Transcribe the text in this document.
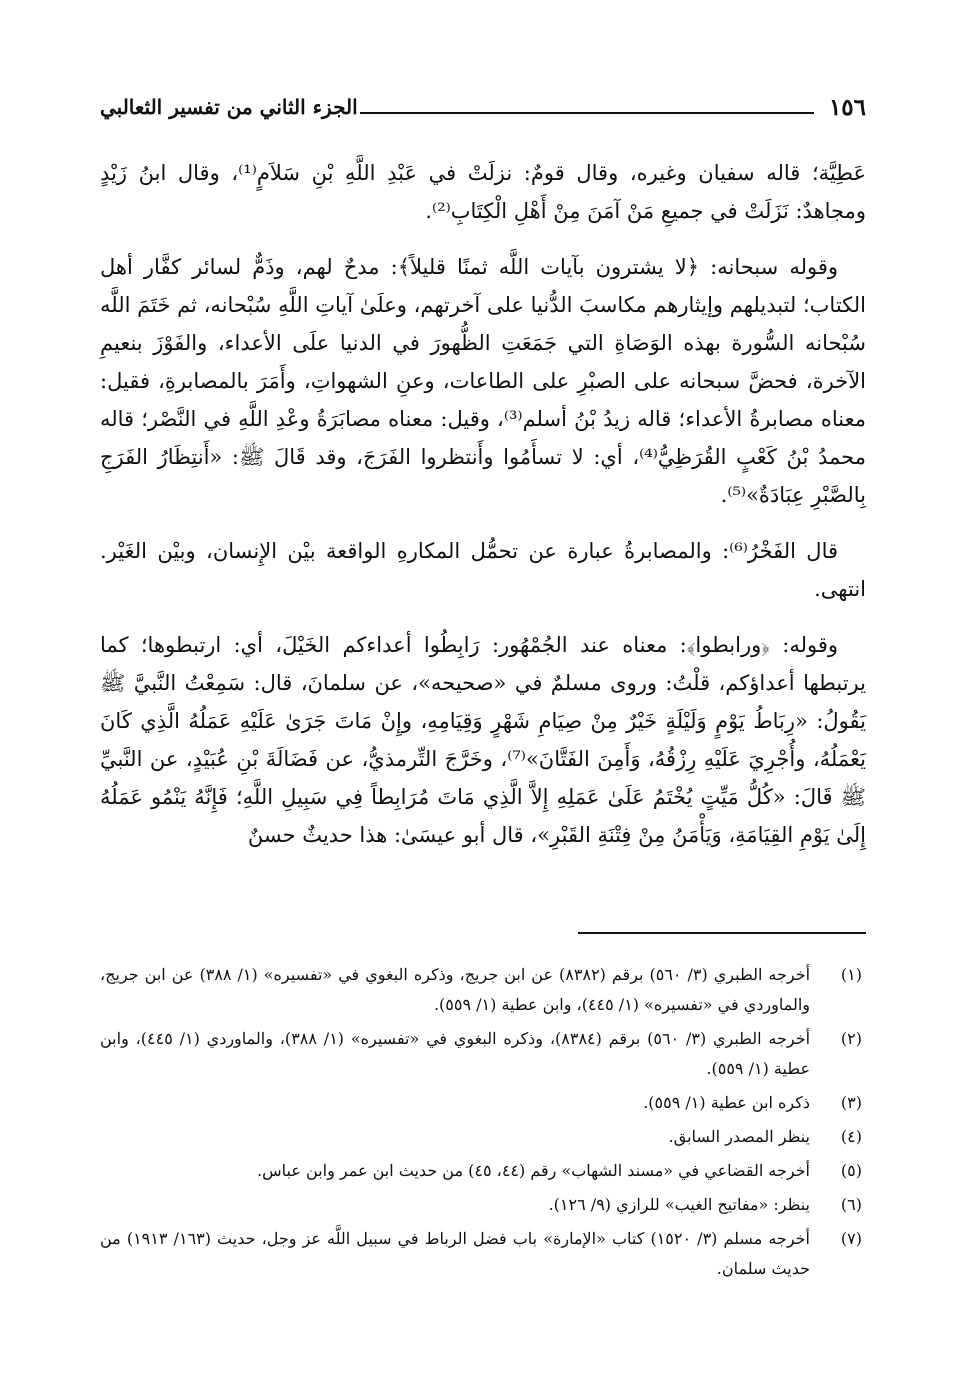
١٥٦
الجزء الثاني من تفسير الثعالبي

عَطِيَّة؛ قاله سفيان وغيره، وقال قومٌ: نزلَتْ في عَبْدِ اللَّهِ بْنِ سَلاَمٍ⁽¹⁾، وقال ابنُ زَيْدٍ ومجاهدٌ: نَزَلَتْ في جميعِ مَنْ آمَنَ مِنْ أَهْلِ الْكِتَابِ⁽²⁾.

وقوله سبحانه: ﴿لا يشترون بآيات اللَّه ثمنًا قليلاً﴾: مدحٌ لهم، وذَمٌّ لسائر كفَّار أهل الكتاب؛ لتبديلهم وإيثارهم مكاسبَ الدُّنيا على آخرتهم، وعلَىٰ آياتِ اللَّهِ سُبْحانه، ثم خَتَمَ اللَّه سُبْحانه السُّورة بهذه الوَصَاةِ التي جَمَعَتِ الظُّهورَ في الدنيا علَى الأعداء، والفَوْزَ بنعيمِ الآخرة، فحضَّ سبحانه على الصبْرِ على الطاعات، وعنِ الشهواتِ، وأَمَرَ بالمصابرةِ، فقيل: معناه مصابرةُ الأعداء؛ قاله زيدُ بْنُ أسلم⁽³⁾، وقيل: معناه مصابَرَةُ وعْدِ اللَّهِ في النَّصْر؛ قاله محمدُ بْنُ كَعْبٍ القُرَظِيُّ⁽⁴⁾، أي: لا تسأَمُوا وأَنتظروا الفَرَجَ، وقد قَالَ ﷺ: «أَنتِظَارُ الفَرَجِ بِالصَّبْرِ عِبَادَةٌ»⁽⁵⁾.

قال الفَخْرُ⁽⁶⁾: والمصابرةُ عبارة عن تحمُّل المكارهِ الواقعة بيْن الإِنسان، وبيْن الغَيْر. انتهى.

وقوله: ﴿ورابطوا﴾: معناه عند الجُمْهُور: رَابِطُوا أعداءكم الخَيْلَ، أي: ارتبطوها؛ كما يرتبطها أعداؤكم، قلْتُ: وروى مسلمٌ في «صحيحه»، عن سلمانَ، قال: سَمِعْتُ النَّبيَّ ﷺ يَقُولُ: «رِبَاطُ يَوْمٍ وَلَيْلَةٍ خَيْرٌ مِنْ صِيَامِ شَهْرٍ وَقِيَامِهِ، وإِنْ مَاتَ جَرَىٰ عَلَيْهِ عَمَلُهُ الَّذِي كَانَ يَعْمَلُهُ، وأُجْرِيَ عَلَيْهِ رِزْقُهُ، وَأَمِنَ الفَتَّانَ»⁽⁷⁾، وخَرَّجَ التِّرمذيُّ، عن فَضَالَةَ بْنِ عُبَيْدٍ، عن النَّبيِّ ﷺ قَالَ: «كُلُّ مَيِّتٍ يُخْتَمُ عَلَىٰ عَمَلِهِ إِلاَّ الَّذِي مَاتَ مُرَابِطاً فِي سَبِيلِ اللَّهِ؛ فَإِنَّهُ يَنْمُو عَمَلُهُ إِلَىٰ يَوْمِ القِيَامَةِ، وَيَأْمَنُ مِنْ فِتْنَةِ القَبْرِ»، قال أبو عيسَىٰ: هذا حديثٌ حسنٌ

(١)
أخرجه الطبري (٣/ ٥٦٠) برقم (٨٣٨٢) عن ابن جريج، وذكره البغوي في «تفسيره» (١/ ٣٨٨) عن ابن جريج، والماوردي في «تفسيره» (١/ ٤٤٥)، وابن عطية (١/ ٥٥٩).
(٢)
أخرجه الطبري (٣/ ٥٦٠) برقم (٨٣٨٤)، وذكره البغوي في «تفسيره» (١/ ٣٨٨)، والماوردي (١/ ٤٤٥)، وابن عطية (١/ ٥٥٩).
(٣)
ذكره ابن عطية (١/ ٥٥٩).
(٤)
ينظر المصدر السابق.
(٥)
أخرجه القضاعي في «مسند الشهاب» رقم (٤٤، ٤٥) من حديث ابن عمر وابن عباس.
(٦)
ينظر: «مفاتيح الغيب» للرازي (٩/ ١٢٦).
(٧)
أخرجه مسلم (٣/ ١٥٢٠) كتاب «الإمارة» باب فضل الرباط في سبيل اللَّه عز وجل، حديث (١٦٣/ ١٩١٣) من حديث سلمان.
